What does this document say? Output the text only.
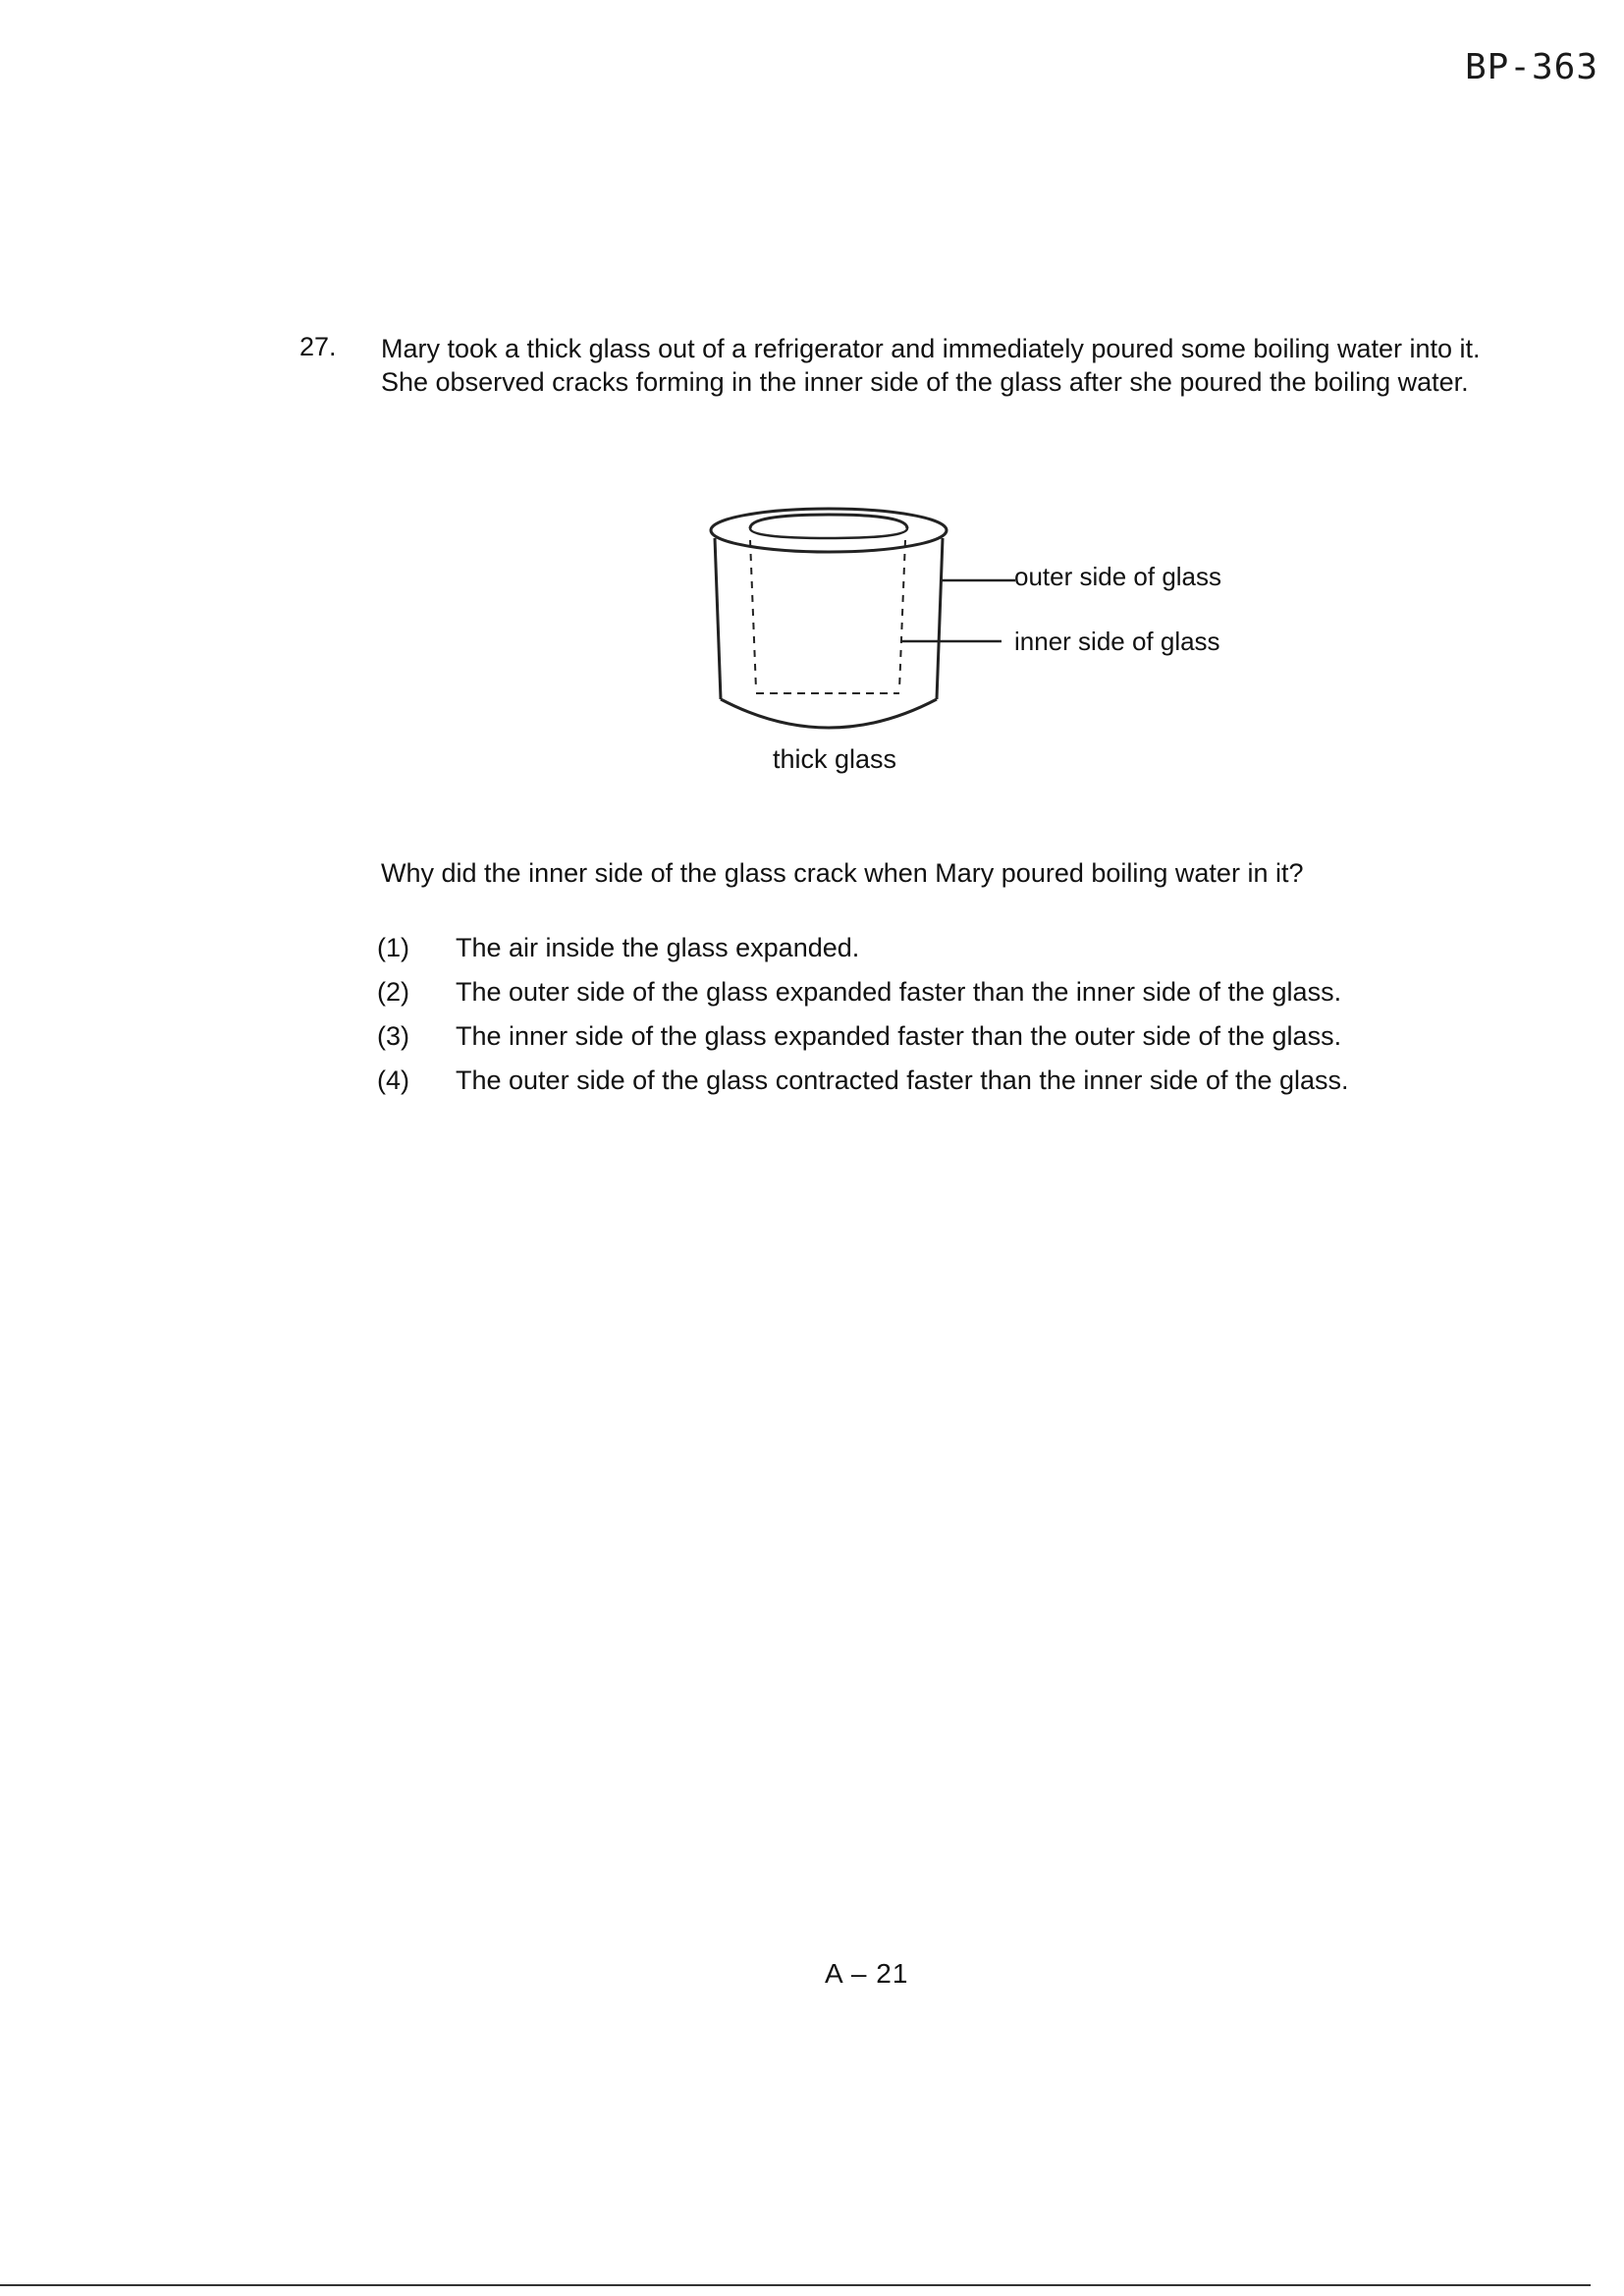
BP-363
27. Mary took a thick glass out of a refrigerator and immediately poured some boiling water into it. She observed cracks forming in the inner side of the glass after she poured the boiling water.
outer side of glass
inner side of glass
thick glass
Why did the inner side of the glass crack when Mary poured boiling water in it?
(1)	The air inside the glass expanded.
(2)	The outer side of the glass expanded faster than the inner side of the glass.
(3)	The inner side of the glass expanded faster than the outer side of the glass.
(4)	The outer side of the glass contracted faster than the inner side of the glass.
A – 21
